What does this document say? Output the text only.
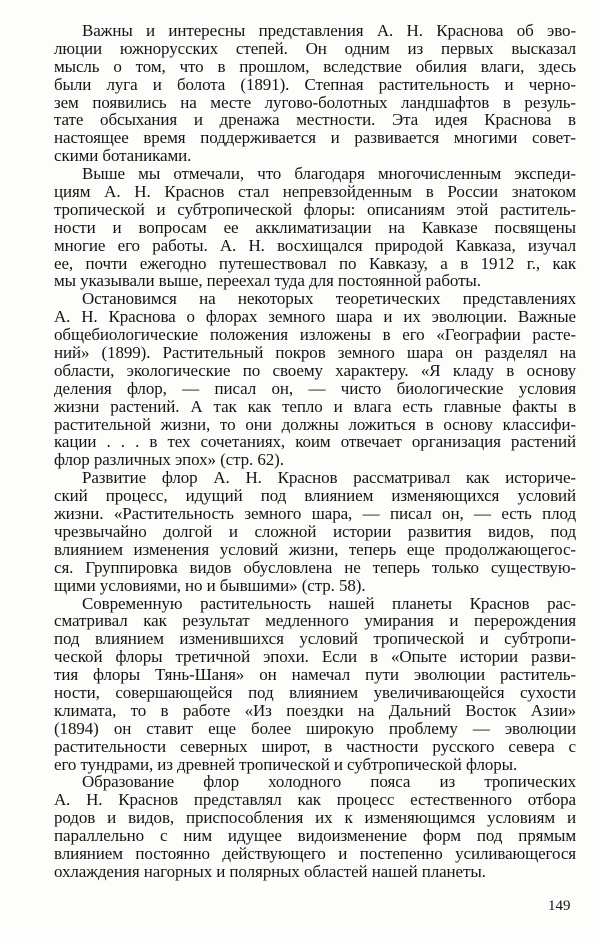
Важны и интересны представления А. Н. Краснова об эво-
люции южнорусских степей. Он одним из первых высказал
мысль о том, что в прошлом, вследствие обилия влаги, здесь
были луга и болота (1891). Степная растительность и черно-
зем появились на месте лугово-болотных ландшафтов в резуль-
тате обсыхания и дренажа местности. Эта идея Краснова в
настоящее время поддерживается и развивается многими совет-
скими ботаниками.
Выше мы отмечали, что благодаря многочисленным экспеди-
циям А. Н. Краснов стал непревзойденным в России знатоком
тропической и субтропической флоры: описаниям этой раститель-
ности и вопросам ее акклиматизации на Кавказе посвящены
многие его работы. А. Н. восхищался природой Кавказа, изучал
ее, почти ежегодно путешествовал по Кавказу, а в 1912 г., как
мы указывали выше, переехал туда для постоянной работы.
Остановимся на некоторых теоретических представлениях
А. Н. Краснова о флорах земного шара и их эволюции. Важные
общебиологические положения изложены в его «Географии расте-
ний» (1899). Растительный покров земного шара он разделял на
области, экологические по своему характеру. «Я кладу в основу
деления флор, — писал он, — чисто биологические условия
жизни растений. А так как тепло и влага есть главные факты в
растительной жизни, то они должны ложиться в основу классифи-
кации . . . в тех сочетаниях, коим отвечает организация растений
флор различных эпох» (стр. 62).
Развитие флор А. Н. Краснов рассматривал как историче-
ский процесс, идущий под влиянием изменяющихся условий
жизни. «Растительность земного шара, — писал он, — есть плод
чрезвычайно долгой и сложной истории развития видов, под
влиянием изменения условий жизни, теперь еще продолжающегос-
ся. Группировка видов обусловлена не теперь только существую-
щими условиями, но и бывшими» (стр. 58).
Современную растительность нашей планеты Краснов рас-
сматривал как результат медленного умирания и перерождения
под влиянием изменившихся условий тропической и субтропи-
ческой флоры третичной эпохи. Если в «Опыте истории разви-
тия флоры Тянь-Шаня» он намечал пути эволюции раститель-
ности, совершающейся под влиянием увеличивающейся сухости
климата, то в работе «Из поездки на Дальний Восток Азии»
(1894) он ставит еще более широкую проблему — эволюции
растительности северных широт, в частности русского севера с
его тундрами, из древней тропической и субтропической флоры.
Образование флор холодного пояса из тропических
А. Н. Краснов представлял как процесс естественного отбора
родов и видов, приспособления их к изменяющимся условиям и
параллельно с ним идущее видоизменение форм под прямым
влиянием постоянно действующего и постепенно усиливающегося
охлаждения нагорных и полярных областей нашей планеты.
149
